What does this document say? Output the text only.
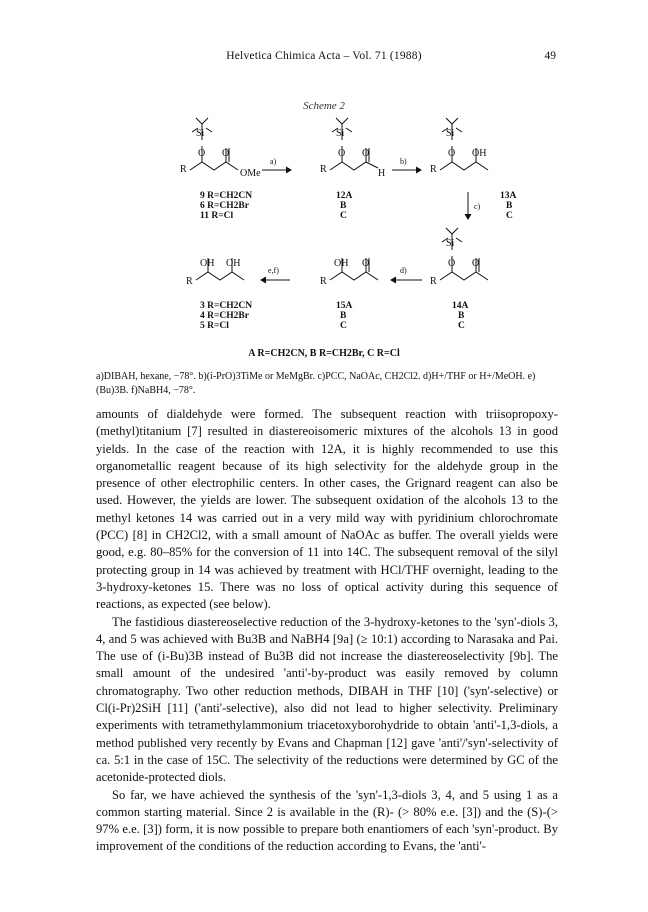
Helvetica Chimica Acta – Vol. 71 (1988)	49
Scheme 2
Si
O O
OMe
R
Si
O O
H
R
Si
O OH
R
Si
O O
R
OH O
R
OH OH
R
a)	b)
c)
d)
e,f)
9 R=CH2CN
6 R=CH2Br
11 R=Cl
12A
B
C
13A
B
C
14A
B
C
15A
B
C
3 R=CH2CN
4 R=CH2Br
5 R=Cl
A R=CH2CN, B R=CH2Br, C R=Cl
a)DIBAH, hexane, −78°. b)(i-PrO)3TiMe or MeMgBr. c)PCC, NaOAc, CH2Cl2. d)H+/THF or H+/MeOH. e)(Bu)3B. f)NaBH4, −78°.

amounts of dialdehyde were formed. The subsequent reaction with triisopropoxy-(methyl)titanium [7] resulted in diastereoisomeric mixtures of the alcohols 13 in good yields. In the case of the reaction with 12A, it is highly recommended to use this organometallic reagent because of its high selectivity for the aldehyde group in the presence of other electrophilic centers. In other cases, the Grignard reagent can also be used. However, the yields are lower. The subsequent oxidation of the alcohols 13 to the methyl ketones 14 was carried out in a very mild way with pyridinium chlorochromate (PCC) [8] in CH2Cl2, with a small amount of NaOAc as buffer. The overall yields were good, e.g. 80–85% for the conversion of 11 into 14C. The subsequent removal of the silyl protecting group in 14 was achieved by treatment with HCl/THF overnight, leading to the 3-hydroxy-ketones 15. There was no loss of optical activity during this sequence of reactions, as expected (see below).

The fastidious diastereoselective reduction of the 3-hydroxy-ketones to the 'syn'-diols 3, 4, and 5 was achieved with Bu3B and NaBH4 [9a] (≥ 10:1) according to Narasaka and Pai. The use of (i-Bu)3B instead of Bu3B did not increase the diastereoselectivity [9b]. The small amount of the undesired 'anti'-by-product was easily removed by column chromatography. Two other reduction methods, DIBAH in THF [10] ('syn'-selective) or Cl(i-Pr)2SiH [11] ('anti'-selective), also did not lead to higher selectivity. Preliminary experiments with tetramethylammonium triacetoxyborohydride to obtain 'anti'-1,3-diols, a method published very recently by Evans and Chapman [12] gave 'anti'/'syn'-selectivity of ca. 5:1 in the case of 15C. The selectivity of the reductions were determined by GC of the acetonide-protected diols.

So far, we have achieved the synthesis of the 'syn'-1,3-diols 3, 4, and 5 using 1 as a common starting material. Since 2 is available in the (R)- (> 80% e.e. [3]) and the (S)-(> 97% e.e. [3]) form, it is now possible to prepare both enantiomers of each 'syn'-product. By improvement of the conditions of the reduction according to Evans, the 'anti'-
